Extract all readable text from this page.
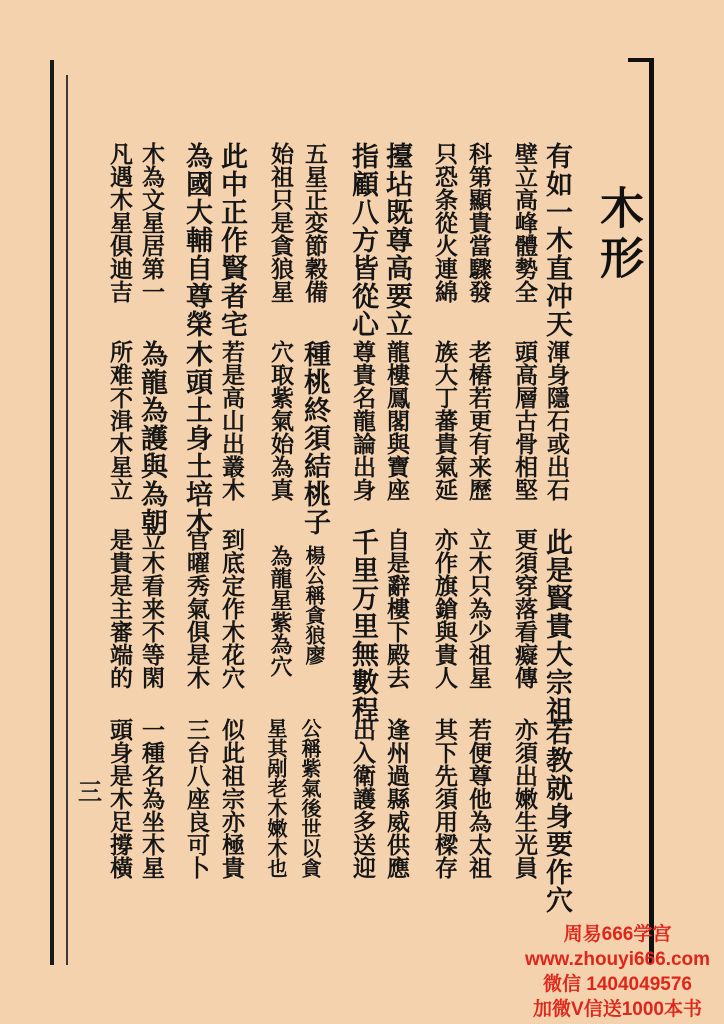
木形
有如一木直冲天
壁立高峰體勢全
科第顯貴當驟發
只恐条從火連綿
擡坫既尊高要立
指顧八方皆從心
五星正変節穀備
始祖只是貪狼星
此中正作賢者宅
為國大輔自尊榮
木為文星居第一
凡遇木星俱迪吉
渾身隱石或出石
頭高層古骨相堅
老樁若更有来歷
族大丁蕃貴氣延
龍樓鳳閣與寶座
尊貴名龍論出身
種桃終須結桃子
穴取紫氣始為真
若是高山出叢木
木頭土身土培木
為龍為護與為朝
所难不湒木星立
此是賢貴大宗祖
更須穿落看癡傳
立木只為少祖星
亦作旗鎗與貴人
自是辭樓下殿去
千里万里無數程
楊公稱貪狼廖
為龍星紫為穴
到底定作木花穴
官曜秀氣俱是木
立木看来不等閑
是貴是主審端的
若教就身要作穴
亦須出嫩生光員
若便尊他為太祖
其下先須用樑存
逢州過縣威供應
出入衛護多送迎
公稱紫氣後世以貪
星其剐老木嫩木也
似此祖宗亦極貴
三台八座良可卜
一種名為坐木星
頭身是木足撐橫
三
周易666学宫
www.zhouyi666.com
微信 1404049576
加微V信送1000本书
